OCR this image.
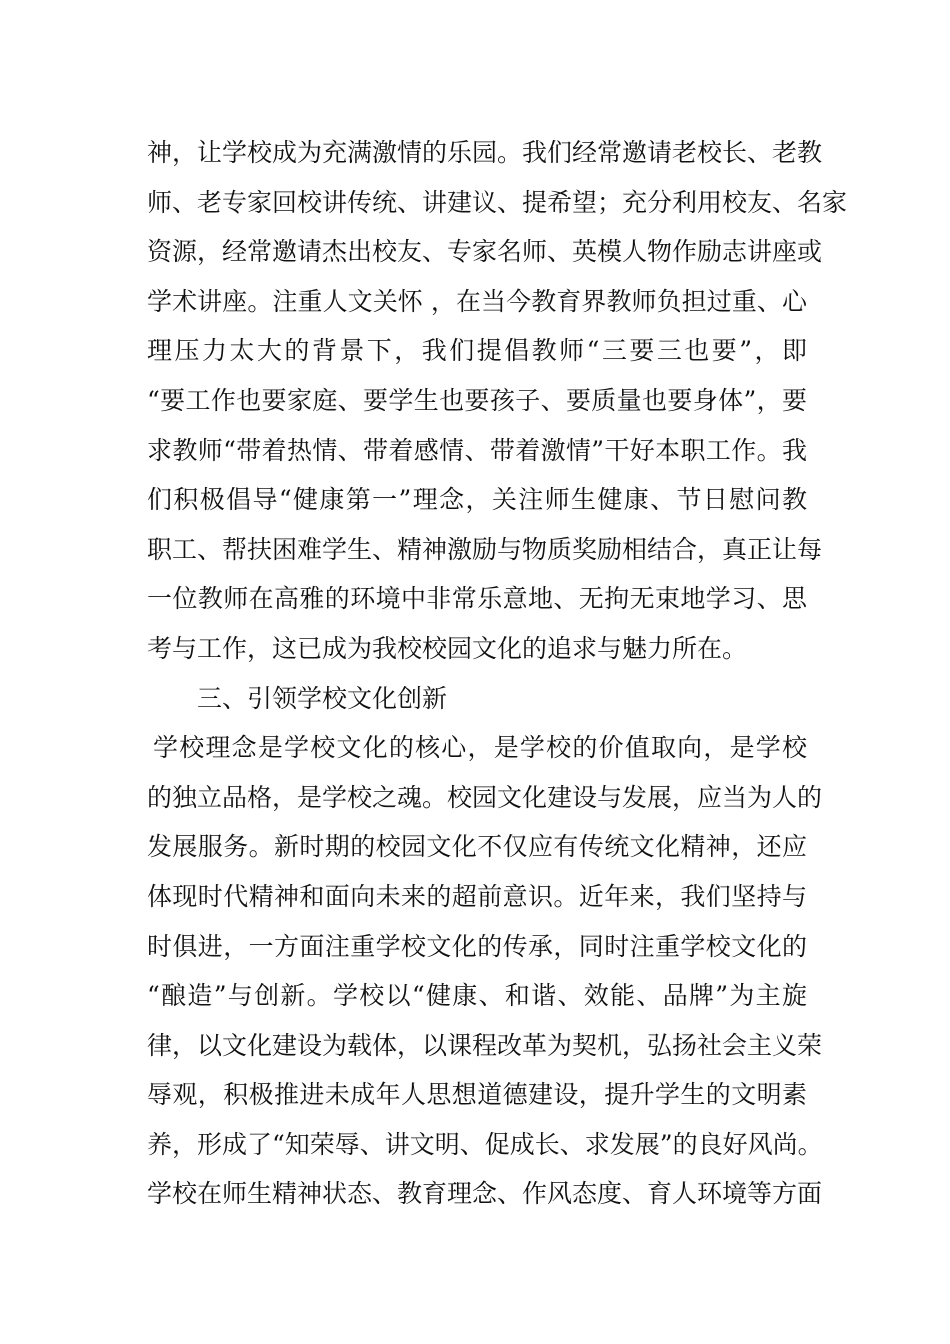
神，让学校成为充满激情的乐园。我们经常邀请老校长、老教
师、老专家回校讲传统、讲建议、提希望；充分利用校友、名家
资源，经常邀请杰出校友、专家名师、英模人物作励志讲座或
学术讲座。注重人文关怀 ，在当今教育界教师负担过重、心
理压力太大的背景下，我们提倡教师“三要三也要”，即
“要工作也要家庭、要学生也要孩子、要质量也要身体”，要
求教师“带着热情、带着感情、带着激情”干好本职工作。我
们积极倡导“健康第一”理念，关注师生健康、节日慰问教
职工、帮扶困难学生、精神激励与物质奖励相结合，真正让每
一位教师在高雅的环境中非常乐意地、无拘无束地学习、思
考与工作，这已成为我校校园文化的追求与魅力所在。
三、引领学校文化创新
学校理念是学校文化的核心，是学校的价值取向，是学校
的独立品格，是学校之魂。校园文化建设与发展，应当为人的
发展服务。新时期的校园文化不仅应有传统文化精神，还应
体现时代精神和面向未来的超前意识。近年来，我们坚持与
时俱进，一方面注重学校文化的传承，同时注重学校文化的
“酿造”与创新。学校以“健康、和谐、效能、品牌”为主旋
律，以文化建设为载体，以课程改革为契机，弘扬社会主义荣
辱观，积极推进未成年人思想道德建设，提升学生的文明素
养，形成了“知荣辱、讲文明、促成长、求发展”的良好风尚。
学校在师生精神状态、教育理念、作风态度、育人环境等方面
